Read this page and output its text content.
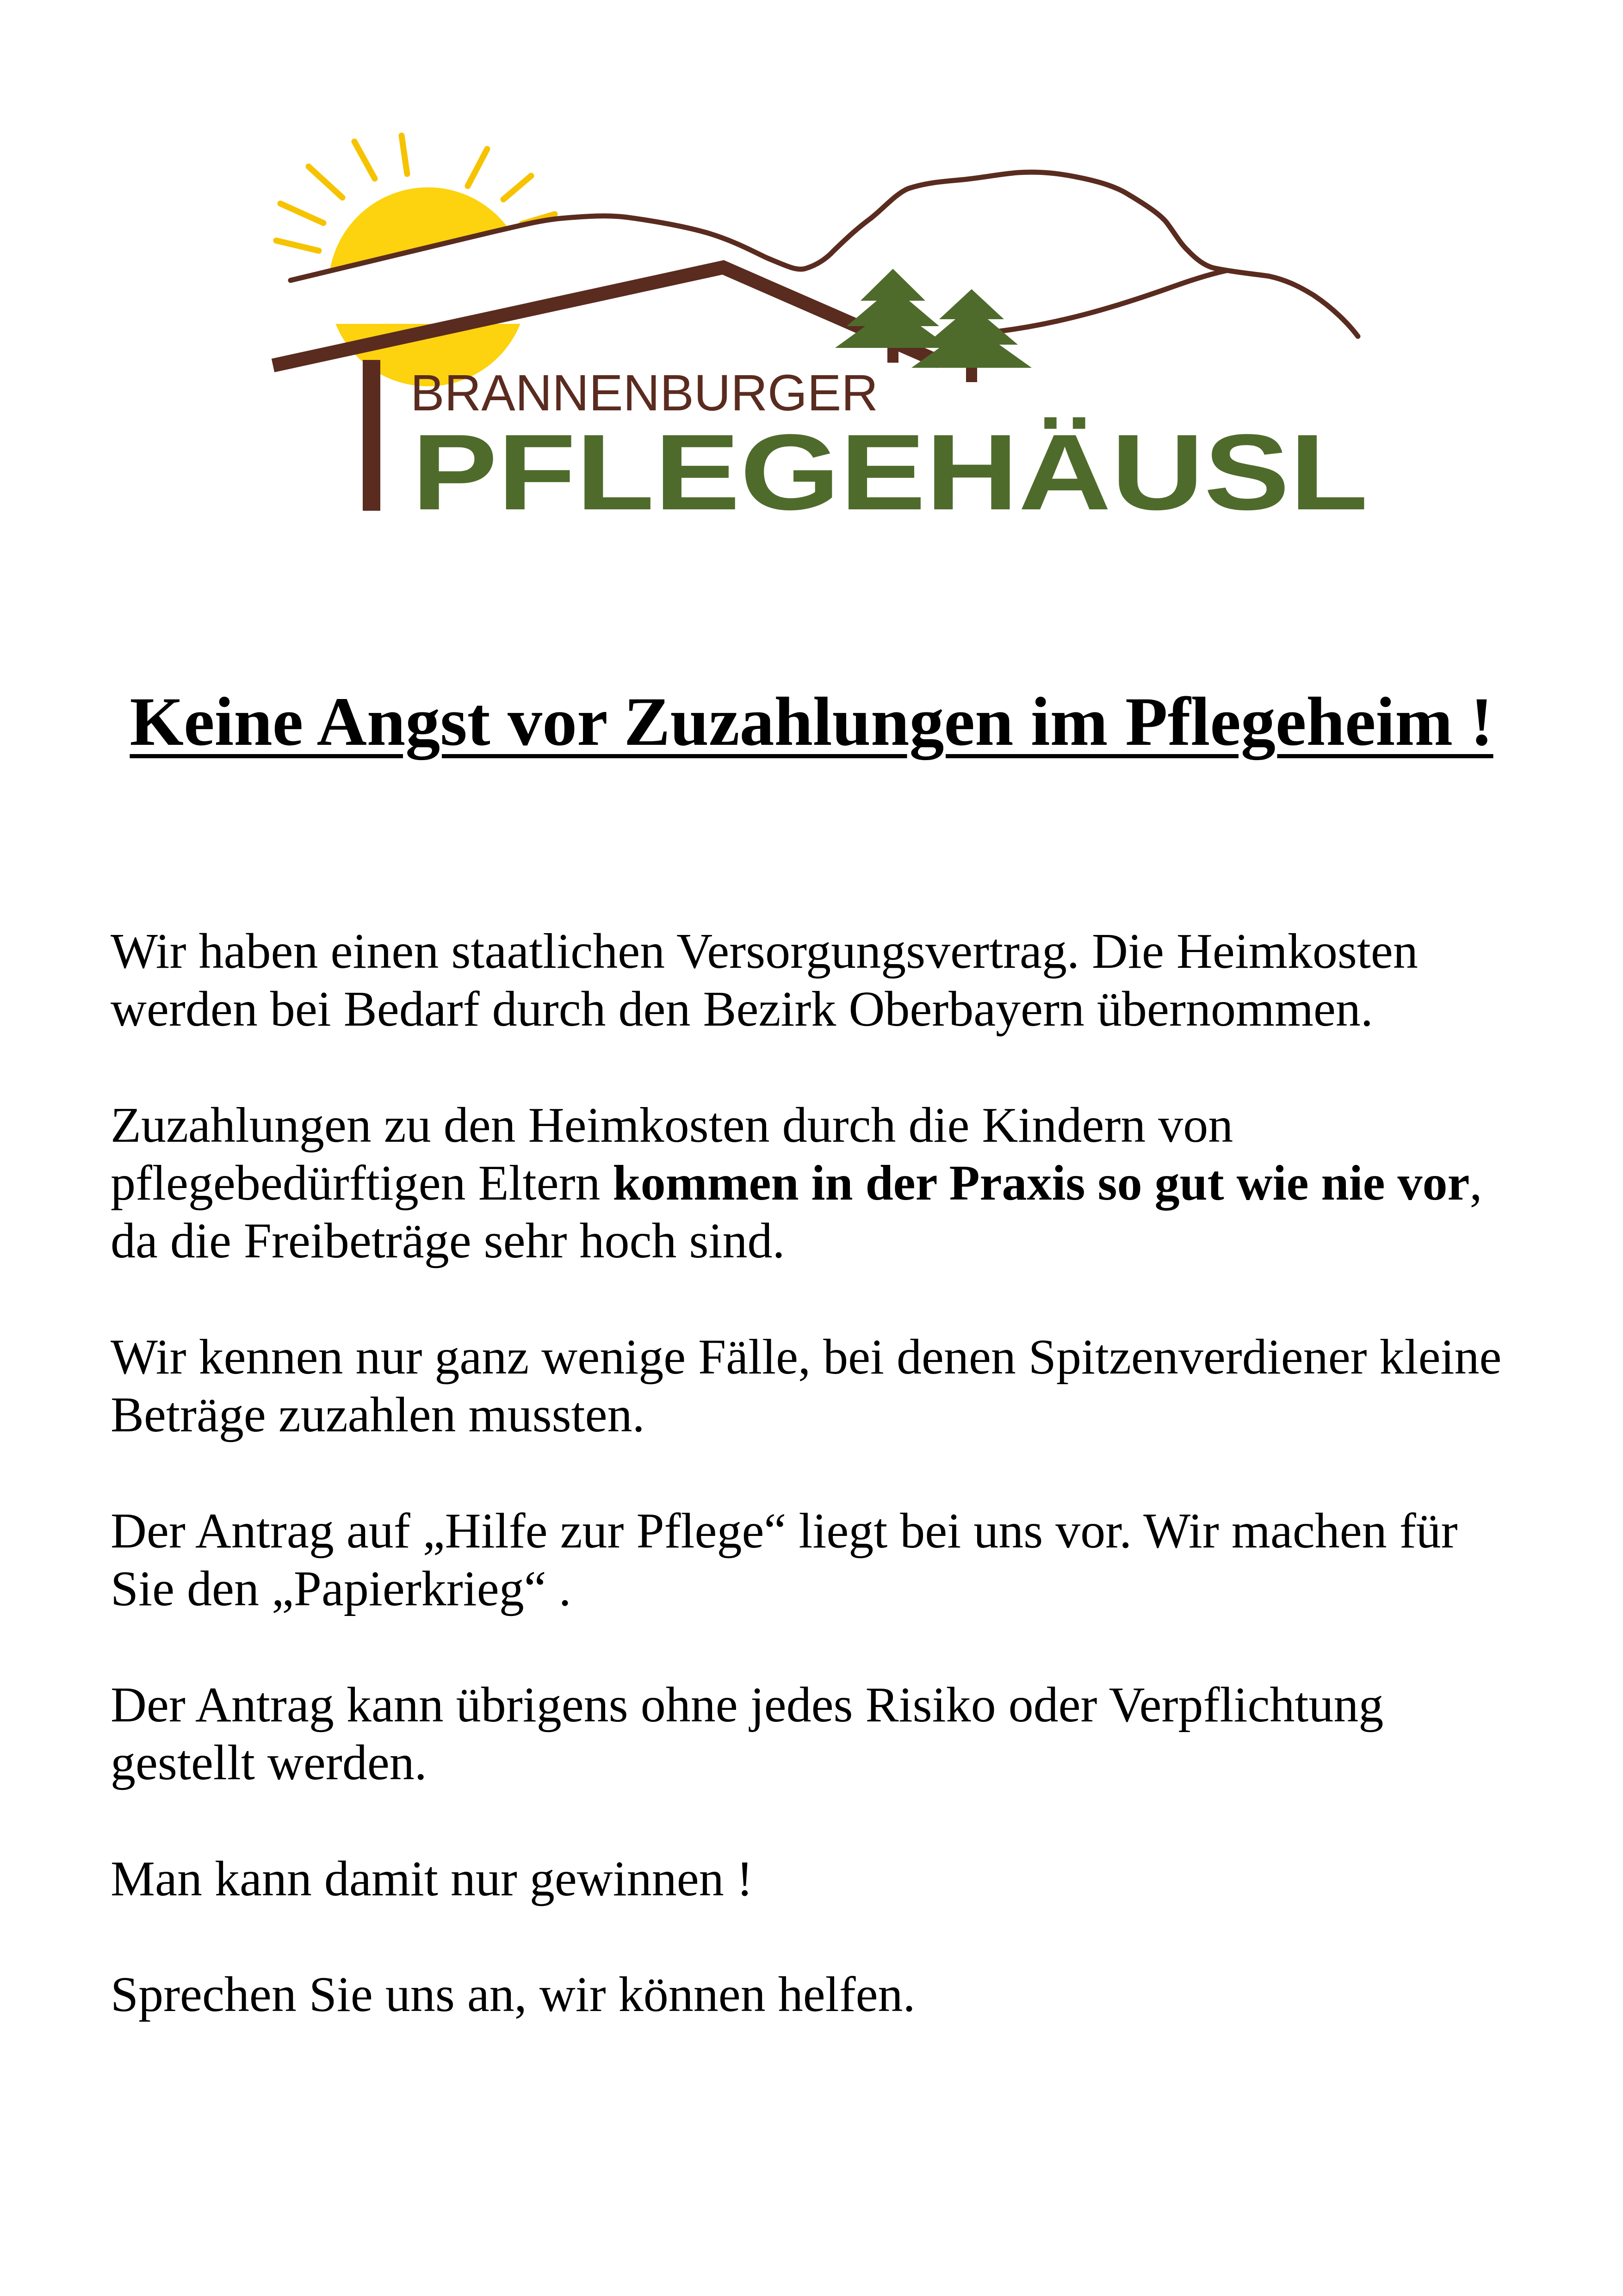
BRANNENBURGER
PFLEGEHÄUSL
Keine Angst vor Zuzahlungen im Pflegeheim !
Wir haben einen staatlichen Versorgungsvertrag. Die Heimkosten
werden bei Bedarf durch den Bezirk Oberbayern übernommen.
Zuzahlungen zu den Heimkosten durch die Kindern von
pflegebedürftigen Eltern kommen in der Praxis so gut wie nie vor,
da die Freibeträge sehr hoch sind.
Wir kennen nur ganz wenige Fälle, bei denen Spitzenverdiener kleine
Beträge zuzahlen mussten.
Der Antrag auf „Hilfe zur Pflege“ liegt bei uns vor. Wir machen für
Sie den „Papierkrieg“ .
Der Antrag kann übrigens ohne jedes Risiko oder Verpflichtung
gestellt werden.
Man kann damit nur gewinnen !
Sprechen Sie uns an, wir können helfen.
